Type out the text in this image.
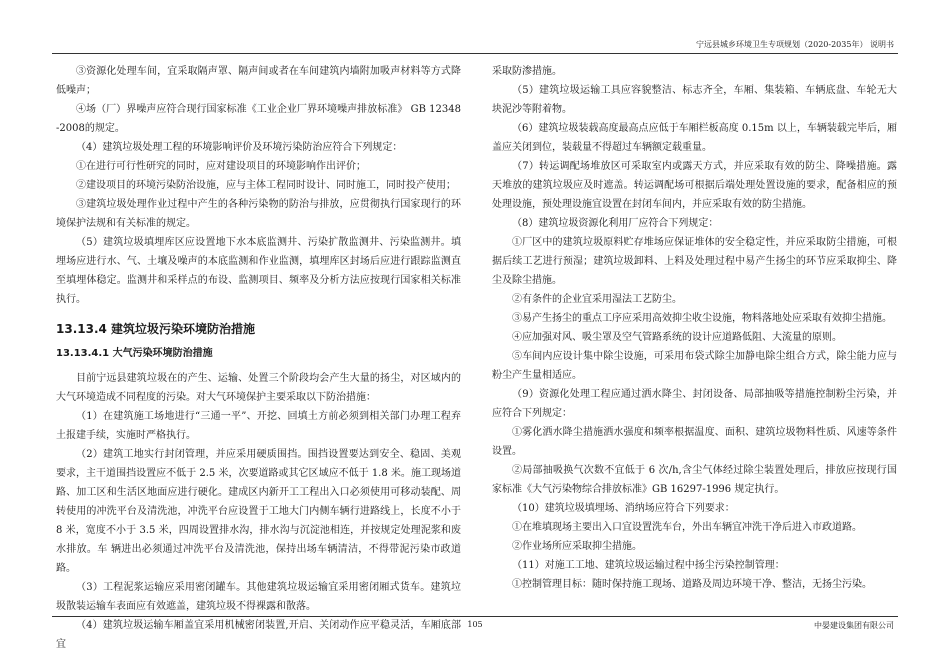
宁远县城乡环境卫生专项规划（2020-2035年） 说明书

③资源化处理车间，宜采取隔声罩、隔声间或者在车间建筑内墙附加吸声材料等方式降低噪声；

④场（厂）界噪声应符合现行国家标准《工业企业厂界环境噪声排放标准》 GB 12348-2008的规定。

（4）建筑垃圾处理工程的环境影响评价及环境污染防治应符合下列规定：

①在进行可行性研究的同时，应对建设项目的环境影响作出评价；

②建设项目的环境污染防治设施，应与主体工程同时设计、同时施工，同时投产使用；

③建筑垃圾处理作业过程中产生的各种污染物的防治与排放，应贯彻执行国家现行的环境保护法规和有关标准的规定。

（5）建筑垃圾填埋库区应设置地下水本底监测井、污染扩散监测井、污染监测井。填埋场应进行水、气、土壤及噪声的本底监测和作业监测，填埋库区封场后应进行跟踪监测直至填埋体稳定。监测井和采样点的布设、监测项目、频率及分析方法应按现行国家相关标准执行。

13.13.4 建筑垃圾污染环境防治措施
13.13.4.1 大气污染环境防治措施

目前宁远县建筑垃圾在的产生、运输、处置三个阶段均会产生大量的扬尘，对区域内的大气环境造成不同程度的污染。对大气环境保护主要采取以下防治措施：

（1）在建筑施工场地进行“三通一平”、开挖、回填土方前必须到相关部门办理工程弃土报建手续，实施时严格执行。

（2）建筑工地实行封闭管理，并应采用硬质围挡。围挡设置要达到安全、稳固、美观要求，主干道围挡设置应不低于 2.5 米，次要道路或其它区域应不低于 1.8 米。施工现场道路、加工区和生活区地面应进行硬化。建成区内新开工工程出入口必须使用可移动装配、周转使用的冲洗平台及清洗池，冲洗平台应设置于工地大门内侧车辆行进路线上，长度不小于 8 米，宽度不小于 3.5 米，四周设置排水沟，排水沟与沉淀池相连，并按规定处理泥浆和废水排放。车 辆进出必须通过冲洗平台及清洗池，保持出场车辆清洁，不得带泥污染市政道路。

（3）工程泥浆运输应采用密闭罐车。其他建筑垃圾运输宜采用密闭厢式货车。建筑垃圾散装运输车表面应有效遮盖，建筑垃圾不得裸露和散落。

（4）建筑垃圾运输车厢盖宜采用机械密闭装置,开启、关闭动作应平稳灵活，车厢底部宜

采取防渗措施。

（5）建筑垃圾运输工具应容貌整洁、标志齐全，车厢、集装箱、车辆底盘、车轮无大块泥沙等附着物。

（6）建筑垃圾装载高度最高点应低于车厢栏板高度 0.15m 以上，车辆装载完毕后，厢盖应关闭到位，装载量不得超过车辆额定载重量。

（7）转运调配场堆放区可采取室内或露天方式，并应采取有效的防尘、降噪措施。露天堆放的建筑垃圾应及时遮盖。转运调配场可根据后端处理处置设施的要求，配备相应的预处理设施，预处理设施宜设置在封闭车间内，并应采取有效的防尘措施。

（8）建筑垃圾资源化利用厂应符合下列规定：

①厂区中的建筑垃圾原料贮存堆场应保证堆体的安全稳定性，并应采取防尘措施，可根据后续工艺进行预湿；建筑垃圾卸料、上料及处理过程中易产生扬尘的环节应采取抑尘、降尘及除尘措施。

②有条件的企业宜采用湿法工艺防尘。

③易产生扬尘的重点工序应采用高效抑尘收尘设施，物料落地处应采取有效抑尘措施。

④应加强对风、吸尘罩及空气管路系统的设计应道路低阻、大流量的原则。

⑤车间内应设计集中除尘设施，可采用布袋式除尘加静电除尘组合方式，除尘能力应与粉尘产生量相适应。

（9）资源化处理工程应通过洒水降尘、封闭设备、局部抽吸等措施控制粉尘污染，并应符合下列规定：

①雾化洒水降尘措施洒水强度和频率根据温度、面积、建筑垃圾物料性质、风速等条件设置。

②局部抽吸换气次数不宜低于 6 次/h,含尘气体经过除尘装置处理后，排放应按现行国家标准《大气污染物综合排放标准》GB 16297-1996 规定执行。

（10）建筑垃圾填埋场、消纳场应符合下列要求：

①在堆填现场主要出入口宜设置洗车台，外出车辆宜冲洗干净后进入市政道路。

②作业场所应采取抑尘措施。

（11）对施工工地、建筑垃圾运输过程中扬尘污染控制管理：

①控制管理目标：随时保持施工现场、道路及周边环境干净、整洁，无扬尘污染。

105	中晏建设集团有限公司
